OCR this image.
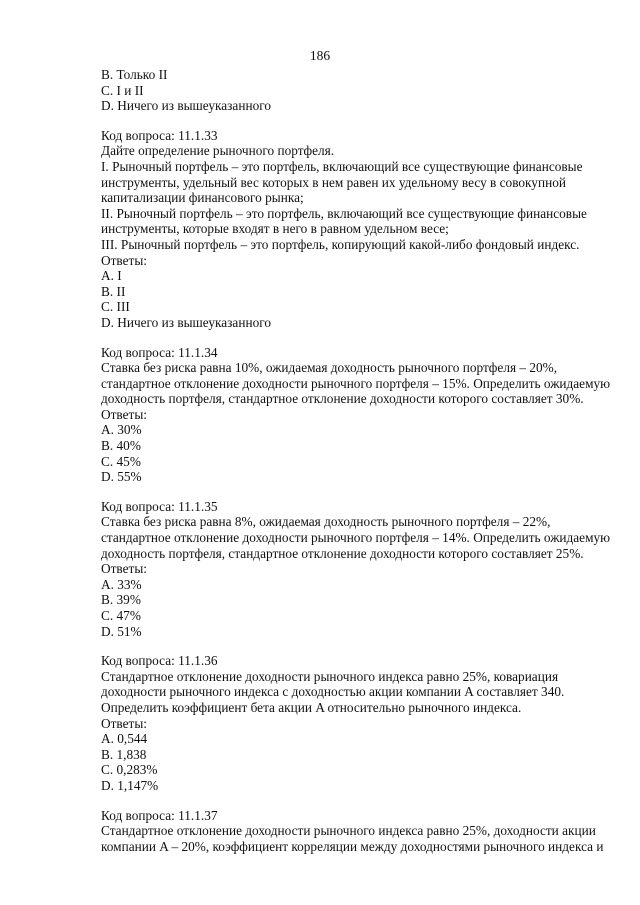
186
B. Только II
C. I и II
D. Ничего из вышеуказанного
Код вопроса: 11.1.33
Дайте определение рыночного портфеля.
I. Рыночный портфель – это портфель, включающий все существующие финансовые
инструменты, удельный вес которых в нем равен их удельному весу в совокупной
капитализации финансового рынка;
II. Рыночный портфель – это портфель, включающий все существующие финансовые
инструменты, которые входят в него в равном удельном весе;
III. Рыночный портфель – это портфель, копирующий какой-либо фондовый индекс.
Ответы:
A. I
B. II
C. III
D. Ничего из вышеуказанного
Код вопроса: 11.1.34
Ставка без риска равна 10%, ожидаемая доходность рыночного портфеля – 20%,
стандартное отклонение доходности рыночного портфеля – 15%. Определить ожидаемую
доходность портфеля, стандартное отклонение доходности которого составляет 30%.
Ответы:
A. 30%
B. 40%
C. 45%
D. 55%
Код вопроса: 11.1.35
Ставка без риска равна 8%, ожидаемая доходность рыночного портфеля – 22%,
стандартное отклонение доходности рыночного портфеля – 14%. Определить ожидаемую
доходность портфеля, стандартное отклонение доходности которого составляет 25%.
Ответы:
A. 33%
B. 39%
C. 47%
D. 51%
Код вопроса: 11.1.36
Стандартное отклонение доходности рыночного индекса равно 25%, ковариация
доходности рыночного индекса с доходностью акции компании A составляет 340.
Определить коэффициент бета акции A относительно рыночного индекса.
Ответы:
A. 0,544
B. 1,838
C. 0,283%
D. 1,147%
Код вопроса: 11.1.37
Стандартное отклонение доходности рыночного индекса равно 25%, доходности акции
компании A – 20%, коэффициент корреляции между доходностями рыночного индекса и
